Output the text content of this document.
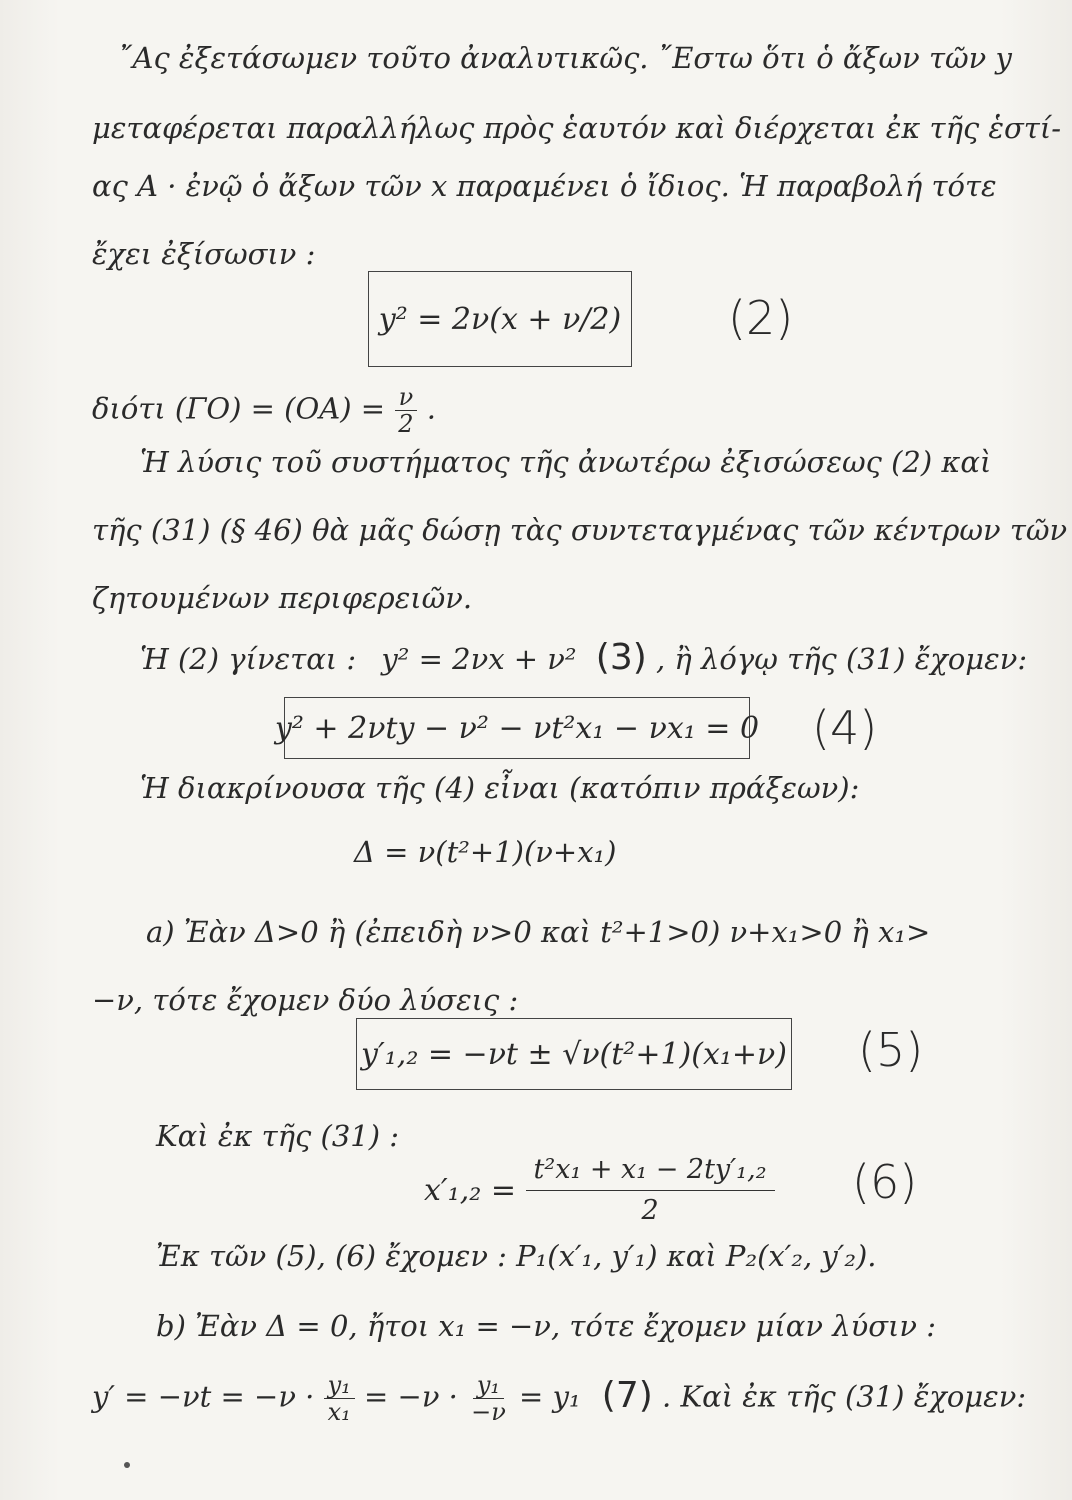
῎Ας ἐξετάσωμεν τοῦτο ἀναλυτικῶς. ῎Εστω ὅτι ὁ ἄξων τῶν y
μεταφέρεται παραλλήλως πρὸς ἑαυτόν καὶ διέρχεται ἐκ τῆς ἑστί-
ας A · ἐνῷ ὁ ἄξων τῶν x παραμένει ὁ ἴδιος. Ἡ παραβολή τότε
ἔχει ἐξίσωσιν :
y² = 2ν(x + ν/2) (2)
διότι $(\Gamma O) = (OA) = \frac{\nu}{2}$ .
Ἡ λύσις τοῦ συστήματος τῆς ἀνωτέρω ἐξισώσεως (2) καὶ
τῆς (31) (§ 46) θὰ μᾶς δώσῃ τὰς συντεταγμένας τῶν κέντρων τῶν
ζητουμένων περιφερειῶν.
Ἡ (2) γίνεται : y² = 2νx + ν² (3) , ἢ λόγῳ τῆς (31) ἔχομεν:
y² + 2νty − ν² − νt²x₁ − νx₁ = 0 (4)
Ἡ διακρίνουσα τῆς (4) εἶναι (κατόπιν πράξεων):
Δ = ν(t²+1)(ν+x₁)
a) Ἐὰν Δ>0 ἢ (ἐπειδὴ ν>0 καὶ t²+1>0) ν+x₁>0 ἢ x₁>
−ν, τότε ἔχομεν δύο λύσεις :
y′₁,₂ = −νt ± √ν(t²+1)(x₁+ν) (5)
Καὶ ἐκ τῆς (31) :
$x'_1,_2 = \frac{\text{t²x₁ + x₁ − 2ty′₁,₂}}{2} (6)$
Ἐκ τῶν (5), (6) ἔχομεν : P₁(x′₁, y′₁) καὶ P₂(x′₂, y′₂).
b) Ἐὰν Δ = 0, ἤτοι x₁ = −ν, τότε ἔχομεν μίαν λύσιν :
$y' = -\nu t = -\nu \cdot \frac{\text{y₁}}{\text{x₁}} = -\nu \cdot \frac{\text{y₁}}{-\nu} = y_1$ (7) . Καὶ ἐκ τῆς (31) ἔχομεν:
